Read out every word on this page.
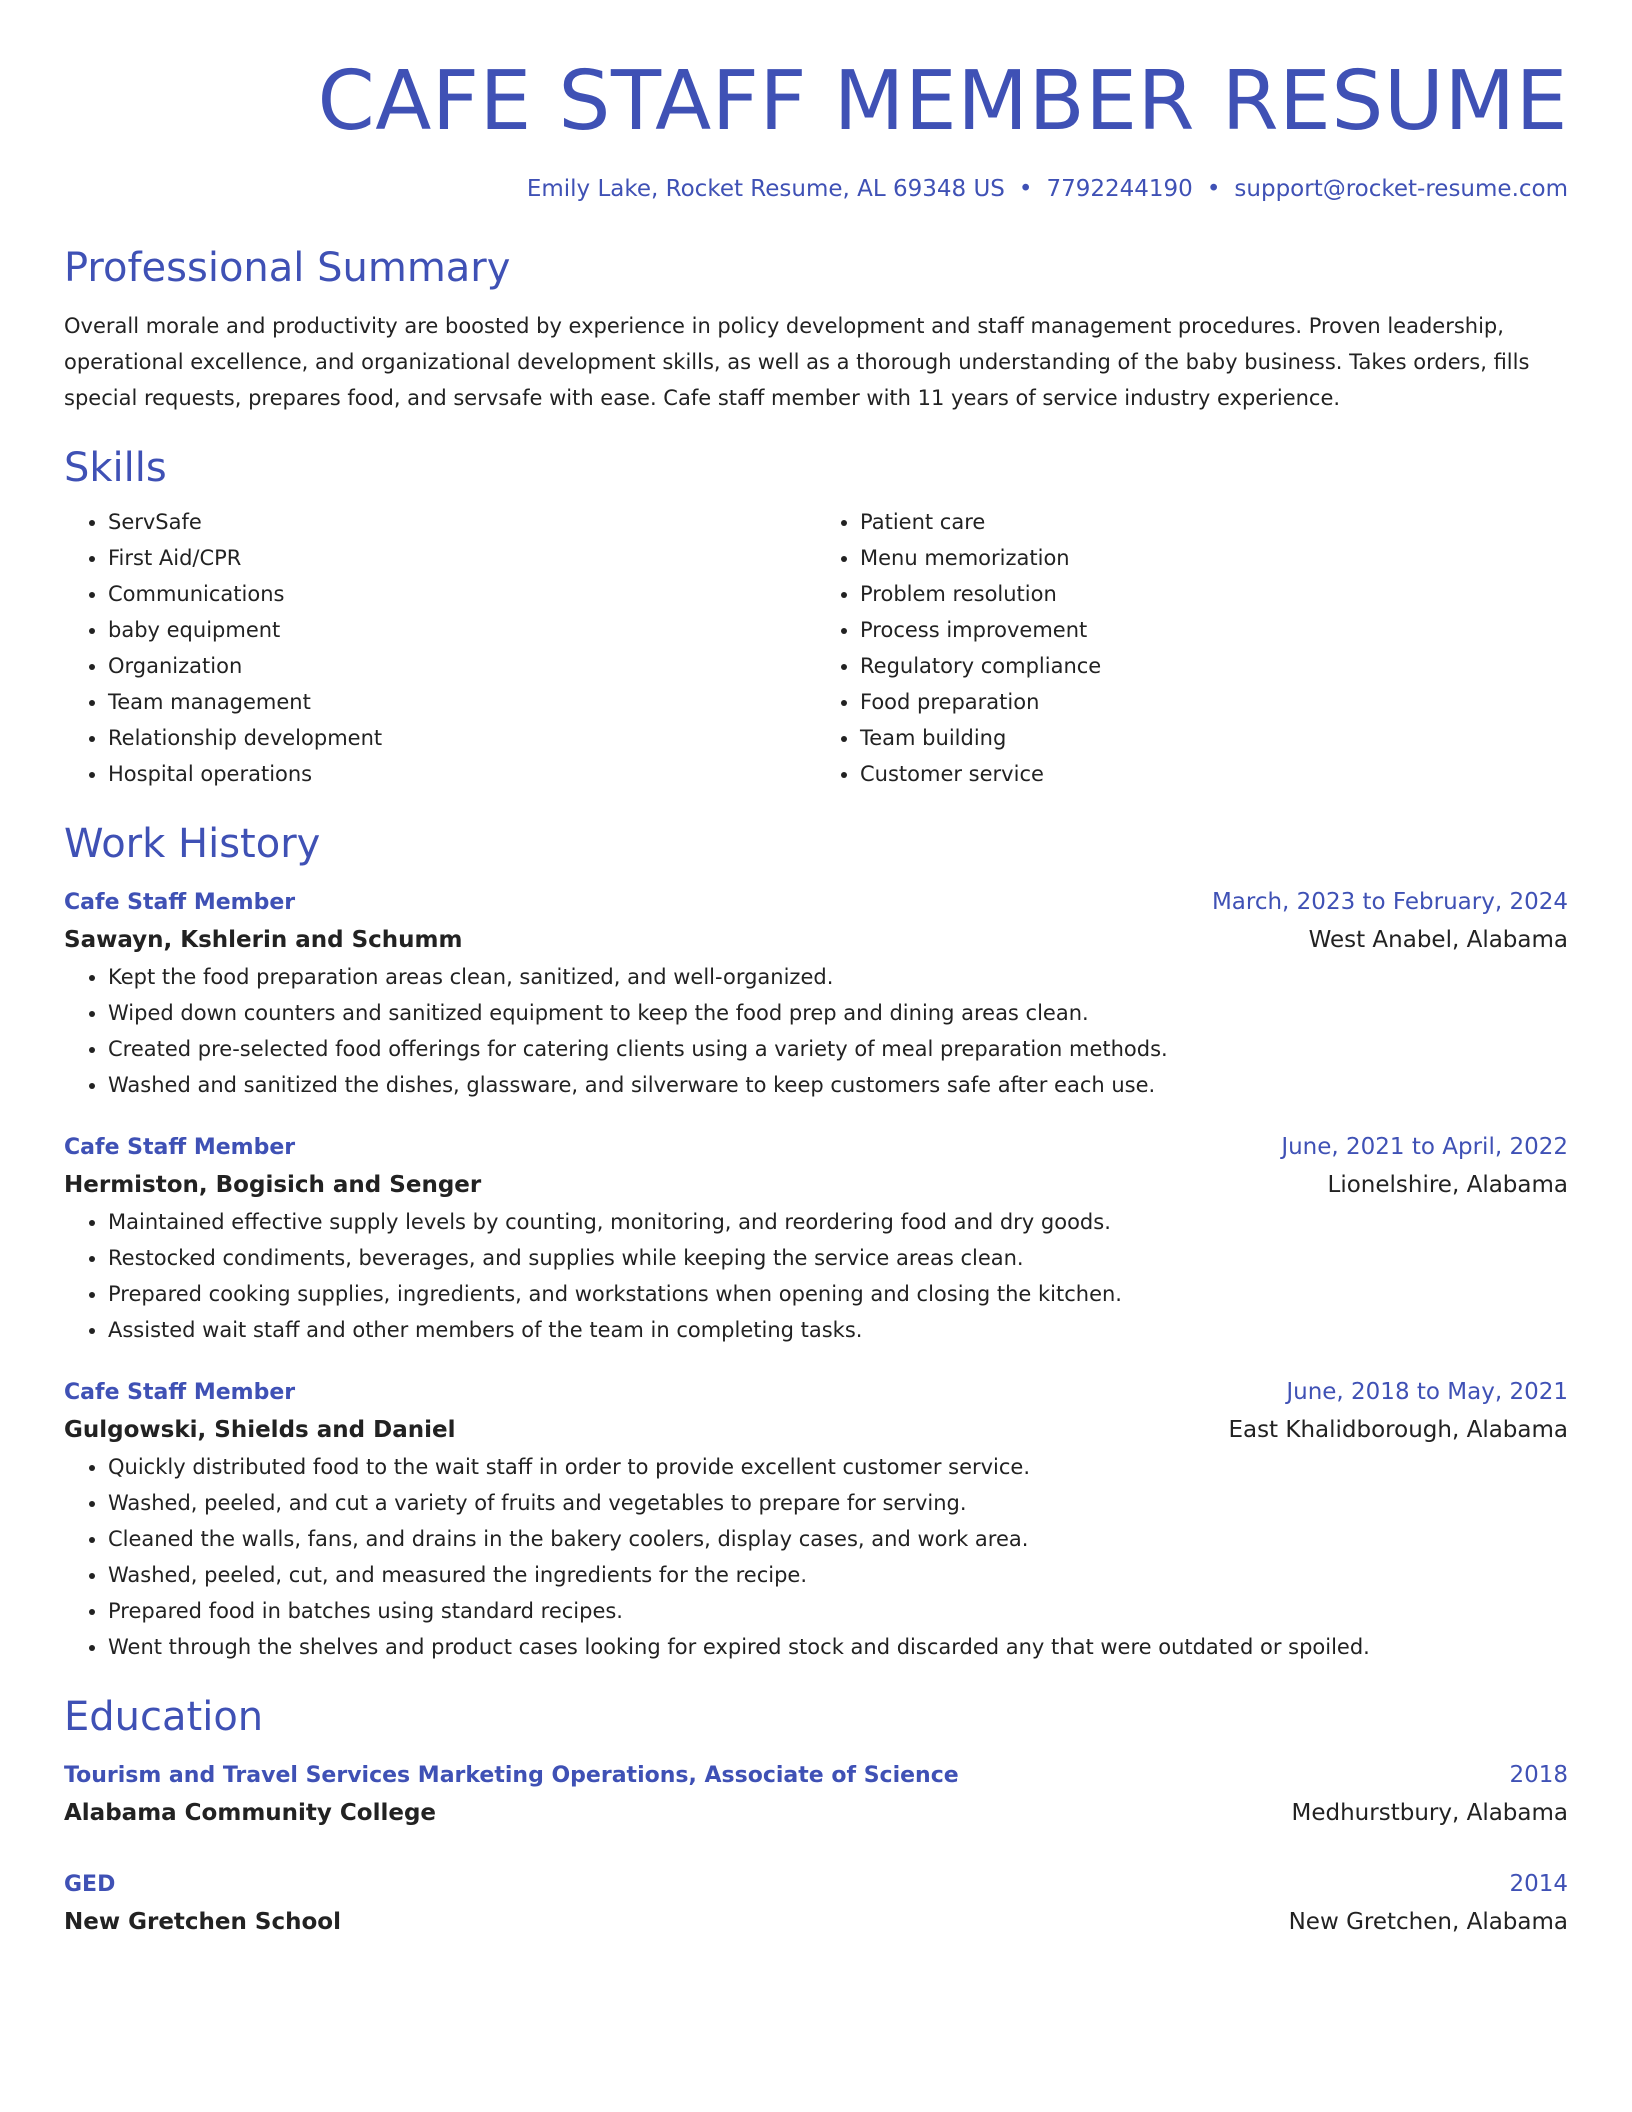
CAFE STAFF MEMBER RESUME
Emily Lake, Rocket Resume, AL 69348 US • 7792244190 • support@rocket-resume.com
Professional Summary

Overall morale and productivity are boosted by experience in policy development and staff management procedures. Proven leadership, operational excellence, and organizational development skills, as well as a thorough understanding of the baby business. Takes orders, fills special requests, prepares food, and servsafe with ease. Cafe staff member with 11 years of service industry experience.

Skills
• ServSafe
• First Aid/CPR
• Communications
• baby equipment
• Organization
• Team management
• Relationship development
• Hospital operations
• Patient care
• Menu memorization
• Problem resolution
• Process improvement
• Regulatory compliance
• Food preparation
• Team building
• Customer service
Work History
Cafe Staff Member	March, 2023 to February, 2024
Sawayn, Kshlerin and Schumm	West Anabel, Alabama
• Kept the food preparation areas clean, sanitized, and well-organized.
• Wiped down counters and sanitized equipment to keep the food prep and dining areas clean.
• Created pre-selected food offerings for catering clients using a variety of meal preparation methods.
• Washed and sanitized the dishes, glassware, and silverware to keep customers safe after each use.
Cafe Staff Member	June, 2021 to April, 2022
Hermiston, Bogisich and Senger	Lionelshire, Alabama
• Maintained effective supply levels by counting, monitoring, and reordering food and dry goods.
• Restocked condiments, beverages, and supplies while keeping the service areas clean.
• Prepared cooking supplies, ingredients, and workstations when opening and closing the kitchen.
• Assisted wait staff and other members of the team in completing tasks.
Cafe Staff Member	June, 2018 to May, 2021
Gulgowski, Shields and Daniel	East Khalidborough, Alabama
• Quickly distributed food to the wait staff in order to provide excellent customer service.
• Washed, peeled, and cut a variety of fruits and vegetables to prepare for serving.
• Cleaned the walls, fans, and drains in the bakery coolers, display cases, and work area.
• Washed, peeled, cut, and measured the ingredients for the recipe.
• Prepared food in batches using standard recipes.
• Went through the shelves and product cases looking for expired stock and discarded any that were outdated or spoiled.
Education
Tourism and Travel Services Marketing Operations, Associate of Science	2018
Alabama Community College	Medhurstbury, Alabama
GED	2014
New Gretchen School	New Gretchen, Alabama
